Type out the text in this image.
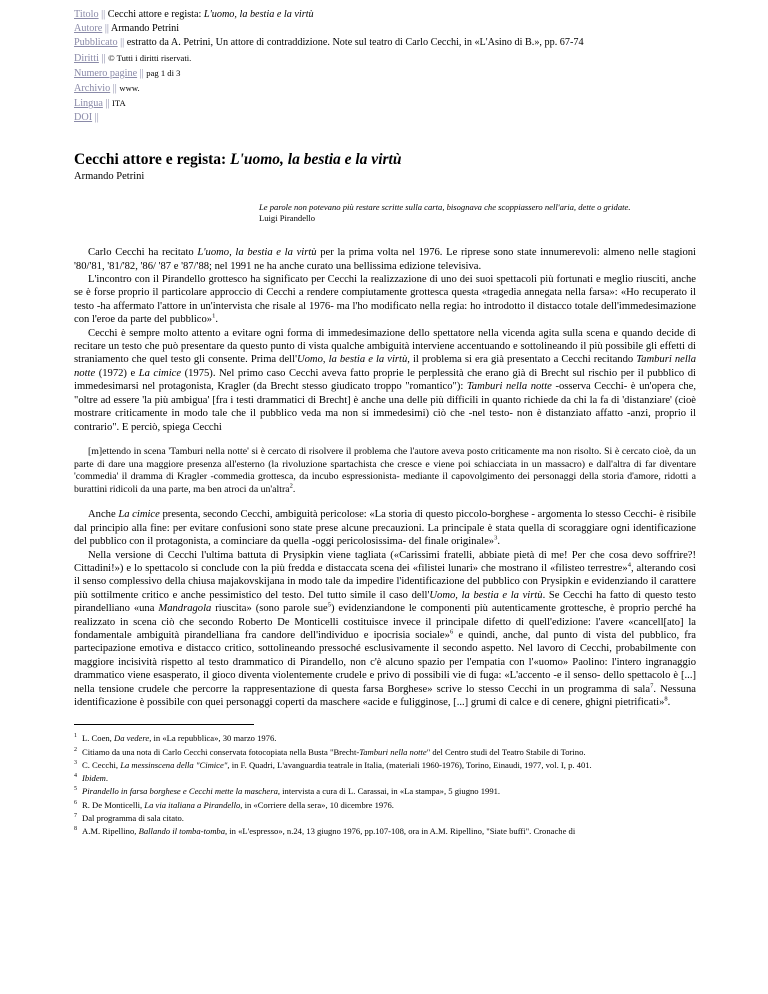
Titolo || Cecchi attore e regista: L'uomo, la bestia e la virtù
Autore || Armando Petrini
Pubblicato || estratto da A. Petrini, Un attore di contraddizione. Note sul teatro di Carlo Cecchi, in «L'Asino di B.», pp. 67-74
Diritti || © Tutti i diritti riservati.
Numero pagine || pag 1 di 3
Archivio || www.
Lingua || ITA
DOI ||
Cecchi attore e regista: L'uomo, la bestia e la virtù
Armando Petrini
Le parole non potevano più restare scritte sulla carta, bisognava che scoppiassero nell'aria, dette o gridate.
Luigi Pirandello

Carlo Cecchi ha recitato L'uomo, la bestia e la virtù per la prima volta nel 1976. Le riprese sono state innumerevoli: almeno nelle stagioni '80/'81, '81/'82, '86/ '87 e '87/'88; nel 1991 ne ha anche curato una bellissima edizione televisiva.

L'incontro con il Pirandello grottesco ha significato per Cecchi la realizzazione di uno dei suoi spettacoli più fortunati e meglio riusciti, anche se è forse proprio il particolare approccio di Cecchi a rendere compiutamente grottesca questa «tragedia annegata nella farsa»: «Ho recuperato il testo -ha affermato l'attore in un'intervista che risale al 1976- ma l'ho modificato nella regia: ho introdotto il distacco totale dell'immedesimazione con l'eroe da parte del pubblico»$^1$.

Cecchi è sempre molto attento a evitare ogni forma di immedesimazione dello spettatore nella vicenda agita sulla scena e quando decide di recitare un testo che può presentare da questo punto di vista qualche ambiguità interviene accentuando e sottolineando il più possibile gli effetti di straniamento che quel testo gli consente. Prima dell'Uomo, la bestia e la virtù, il problema si era già presentato a Cecchi recitando Tamburi nella notte (1972) e La cimice (1975). Nel primo caso Cecchi aveva fatto proprie le perplessità che erano già di Brecht sul rischio per il pubblico di immedesimarsi nel protagonista, Kragler (da Brecht stesso giudicato troppo "romantico"): Tamburi nella notte -osserva Cecchi- è un'opera che, "oltre ad essere 'la più ambigua' [fra i testi drammatici di Brecht] è anche una delle più difficili in quanto richiede da chi la fa di 'distanziare' (cioè mostrare criticamente in modo tale che il pubblico veda ma non si immedesimi) ciò che -nel testo- non è distanziato affatto -anzi, proprio il contrario". E perciò, spiega Cecchi

[m]ettendo in scena 'Tamburi nella notte' si è cercato di risolvere il problema che l'autore aveva posto criticamente ma non risolto. Si è cercato cioè, da un parte di dare una maggiore presenza all'esterno (la rivoluzione spartachista che cresce e viene poi schiacciata in un massacro) e dall'altra di far diventare 'commedia' il dramma di Kragler -commedia grottesca, da incubo espressionista- mediante il capovolgimento dei personaggi della storia d'amore, ridotti a burattini ridicoli da una parte, ma ben atroci da un'altra$^2$.

Anche La cimice presenta, secondo Cecchi, ambiguità pericolose: «La storia di questo piccolo-borghese - argomenta lo stesso Cecchi- è risibile dal principio alla fine: per evitare confusioni sono state prese alcune precauzioni. La principale è stata quella di scoraggiare ogni identificazione del pubblico con il protagonista, a cominciare da quella -oggi pericolosissima- del finale originale»$^3$.

Nella versione di Cecchi l'ultima battuta di Prysipkin viene tagliata («Carissimi fratelli, abbiate pietà di me! Per che cosa devo soffrire?! Cittadini!») e lo spettacolo si conclude con la più fredda e distaccata scena dei «filistei lunari» che mostrano il «filisteo terrestre»$^4$, alterando così il senso complessivo della chiusa majakovskijana in modo tale da impedire l'identificazione del pubblico con Prysipkin e evidenziando il carattere più sottilmente critico e anche pessimistico del testo. Del tutto simile il caso dell'Uomo, la bestia e la virtù. Se Cecchi ha fatto di questo testo pirandelliano «una Mandragola riuscita» (sono parole sue$^5$) evidenziandone le componenti più autenticamente grottesche, è proprio perché ha realizzato in scena ciò che secondo Roberto De Monticelli costituisce invece il principale difetto di quell'edizione: l'avere «cancell[ato] la fondamentale ambiguità pirandelliana fra candore dell'individuo e ipocrisia sociale»$^6$ e quindi, anche, dal punto di vista del pubblico, fra partecipazione emotiva e distacco critico, sottolineando pressoché esclusivamente il secondo aspetto. Nel lavoro di Cecchi, probabilmente con maggiore incisività rispetto al testo drammatico di Pirandello, non c'è alcuno spazio per l'empatia con l'«uomo» Paolino: l'intero ingranaggio drammatico viene esasperato, il gioco diventa violentemente crudele e privo di possibili vie di fuga: «L'accento -e il senso- dello spettacolo è [...] nella tensione crudele che percorre la rappresentazione di questa farsa Borghese» scrive lo stesso Cecchi in un programma di sala$^7$. Nessuna identificazione è possibile con quei personaggi coperti da maschere «acide e fuligginose, [...] grumi di calce e di cenere, ghigni pietrificati»$^8$.

1 L. Coen, Da vedere, in «La repubblica», 30 marzo 1976.
2 Citiamo da una nota di Carlo Cecchi conservata fotocopiata nella Busta "Brecht-Tamburi nella notte" del Centro studi del Teatro Stabile di Torino.
3 C. Cecchi, La messinscena della "Cimice", in F. Quadri, L'avanguardia teatrale in Italia, (materiali 1960-1976), Torino, Einaudi, 1977, vol. I, p. 401.
4 Ibidem.
5 Pirandello in farsa borghese e Cecchi mette la maschera, intervista a cura di L. Carassai, in «La stampa», 5 giugno 1991.
6 R. De Monticelli, La via italiana a Pirandello, in «Corriere della sera», 10 dicembre 1976.
7 Dal programma di sala citato.
8 A.M. Ripellino, Ballando il tomba-tomba, in «L'espresso», n.24, 13 giugno 1976, pp.107-108, ora in A.M. Ripellino, "Siate buffi". Cronache di
